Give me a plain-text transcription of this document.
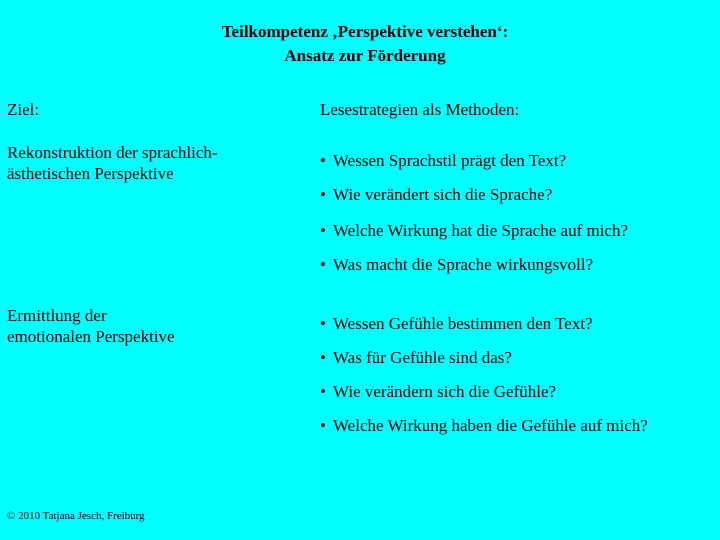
Teilkompetenz ‚Perspektive verstehen‘:
Ansatz zur Förderung
Ziel:	Lesestrategien als Methoden:
Rekonstruktion der sprachlich-
ästhetischen Perspektive
• Wessen Sprachstil prägt den Text?
• Wie verändert sich die Sprache?
• Welche Wirkung hat die Sprache auf mich?
• Was macht die Sprache wirkungsvoll?
Ermittlung der
emotionalen Perspektive
• Wessen Gefühle bestimmen den Text?
• Was für Gefühle sind das?
• Wie verändern sich die Gefühle?
• Welche Wirkung haben die Gefühle auf mich?
© 2010 Tatjana Jesch, Freiburg
